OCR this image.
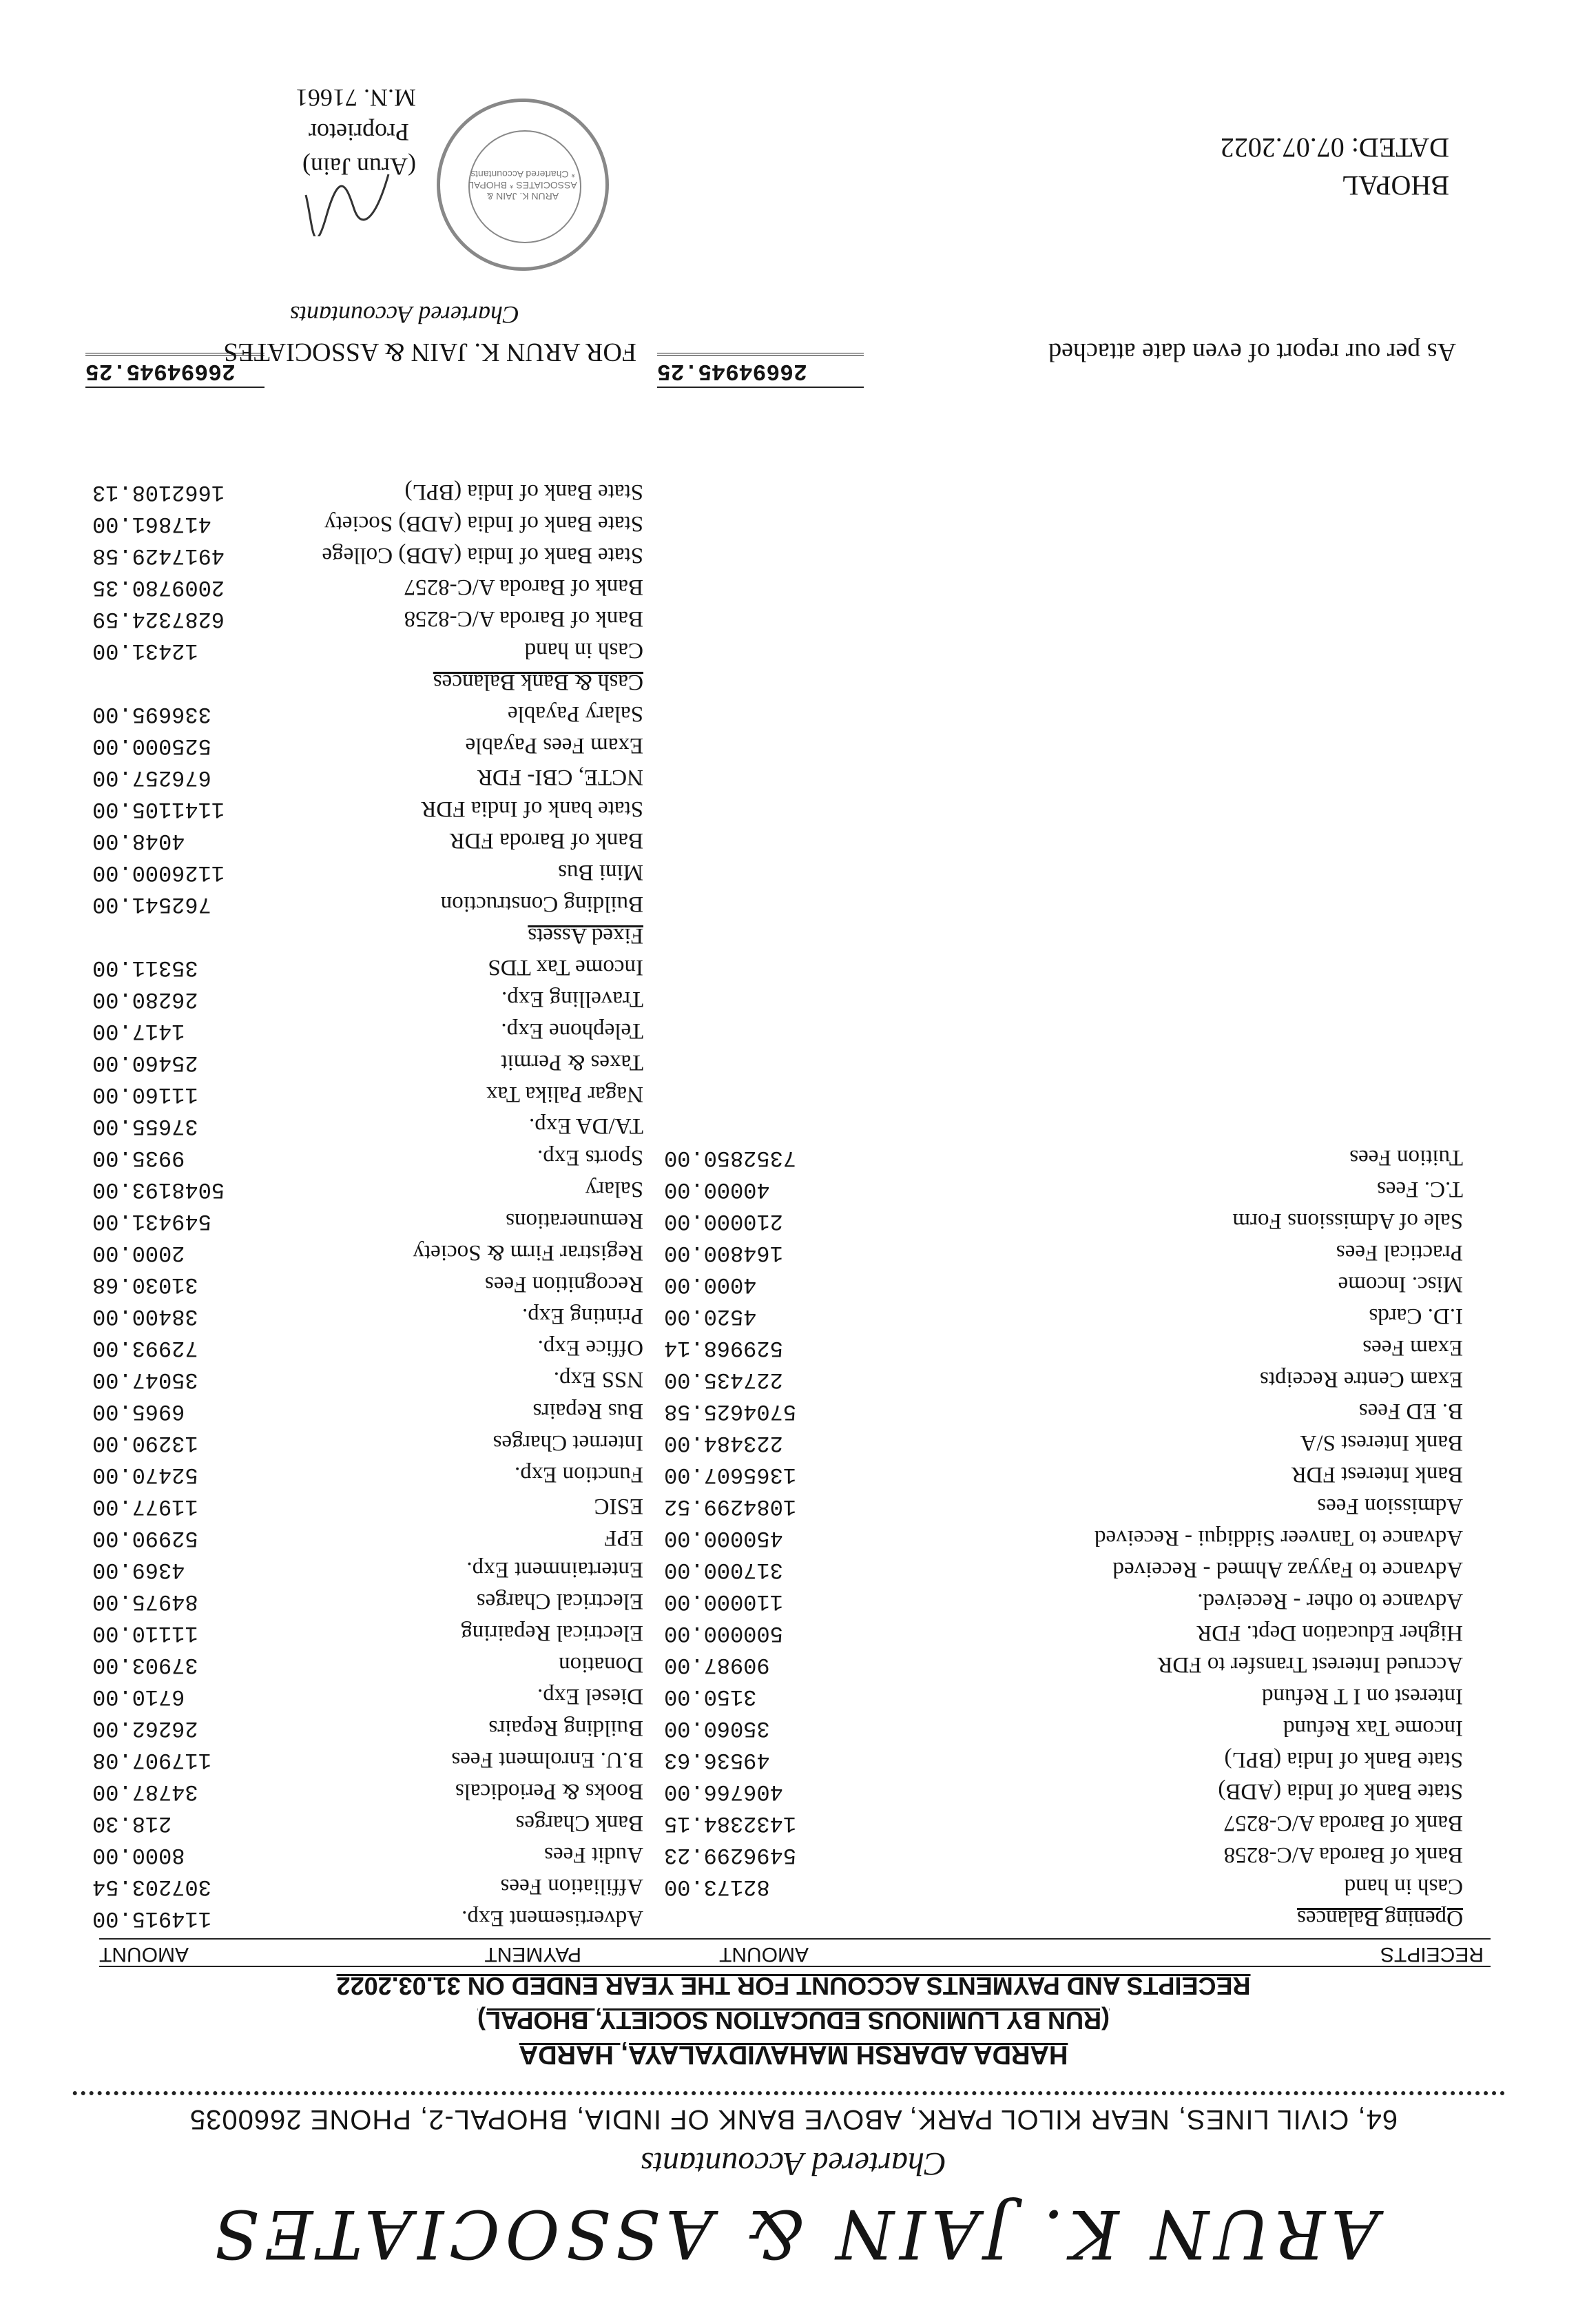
ARUN K. JAIN & ASSOCIATES
Chartered Accountants
64, CIVIL LINES, NEAR KILOL PARK, ABOVE BANK OF INDIA, BHOPAL-2, PHONE 2660035
HARDA ADARSH MAHAVIDYALAYA, HARDA
(RUN BY LUMINOUS EDUCATION SOCIETY, BHOPAL)
RECEIPTS AND PAYMENTS ACCOUNT FOR THE YEAR ENDED ON 31.03.2022
RECEIPTS
AMOUNT
PAYMENT
AMOUNT
Opening Balances
Cash in hand
Bank of Baroda A/C-8258
Bank of Baroda A/C-8257
State Bank of India (ADB)
State Bank of India (BPL)
Income Tax Refund
Interest on I T Refund
Accrued Interest Transfer to FDR
Higher Education Dept. FDR
Advance to other - Received.
Advance to Fayyaz Ahmed - Received
Advance to Tanveer Siddiqui - Received
Admission Fees
Bank Interest FDR
Bank Interest S/A
B. ED Fees
Exam Centre Receipts
Exam Fees
I.D. Cards
Misc. Income
Practical Fees
Sale of Admissions Form
T.C. Fees
Tuition Fees
82173.00
5496299.23
1432384.15
406766.00
49536.63
35060.00
3150.00
90987.00
500000.00
110000.00
317000.00
450000.00
1084299.52
1365607.00
223484.00
5704625.58
227435.00
529968.14
4520.00
4000.00
164800.00
210000.00
40000.00
7352850.00
Advertisement Exp.
Affiliation Fees
Audit Fees
Bank Charges
Books & Periodicals
B.U. Enrolment Fees
Building Repairs
Diesel Exp.
Donation
Electrical Repairing
Electrical Charges
Entertainment Exp.
EPF
ESIC
Function Exp.
Internet Charges
Bus Repairs
NSS Exp.
Office Exp.
Printing Exp.
Recognition Fees
Registrar Firm & Society
Remunerations
Salary
Sports Exp.
TA/DA Exp.
Nagar Palika Tax
Taxes & Permit
Telephone Exp.
Travelling Exp.
Income Tax TDS
Fixed Assets
Building Construction
Mini Bus
Bank of Baroda FDR
State bank of India FDR
NCTE, CBI- FDR
Exam Fees Payable
Salary Payable
Cash & Bank Balances
Cash in hand
Bank of Baroda A/C-8258
Bank of Baroda A/C-8257
State Bank of India (ADB) College
State Bank of India (ADB) Society
State Bank of India (BPL)
114915.00
307203.54
8000.00
218.30
34787.00
117907.08
26262.00
6710.00
37903.00
11110.00
84975.00
4369.00
52990.00
11977.00
52470.00
13290.00
6965.00
35047.00
72993.00
38400.00
31030.68
2000.00
549431.00
5048193.00
9935.00
37655.00
11160.00
25460.00
1417.00
26280.00
35311.00
762541.00
1126000.00
4048.00
1141105.00
676257.00
525000.00
336695.00
12431.00
6287324.59
2009780.35
4917429.58
417861.00
1662108.13
26694945.25
26694945.25
As per our report of even date attached
FOR ARUN K. JAIN & ASSOCIATES
Chartered Accountants
ARUN K. JAIN & ASSOCIATES * BHOPAL * Chartered Accountants
(Arun Jain)
Proprietor
M.N. 71661
BHOPAL
DATED: 07.07.2022
